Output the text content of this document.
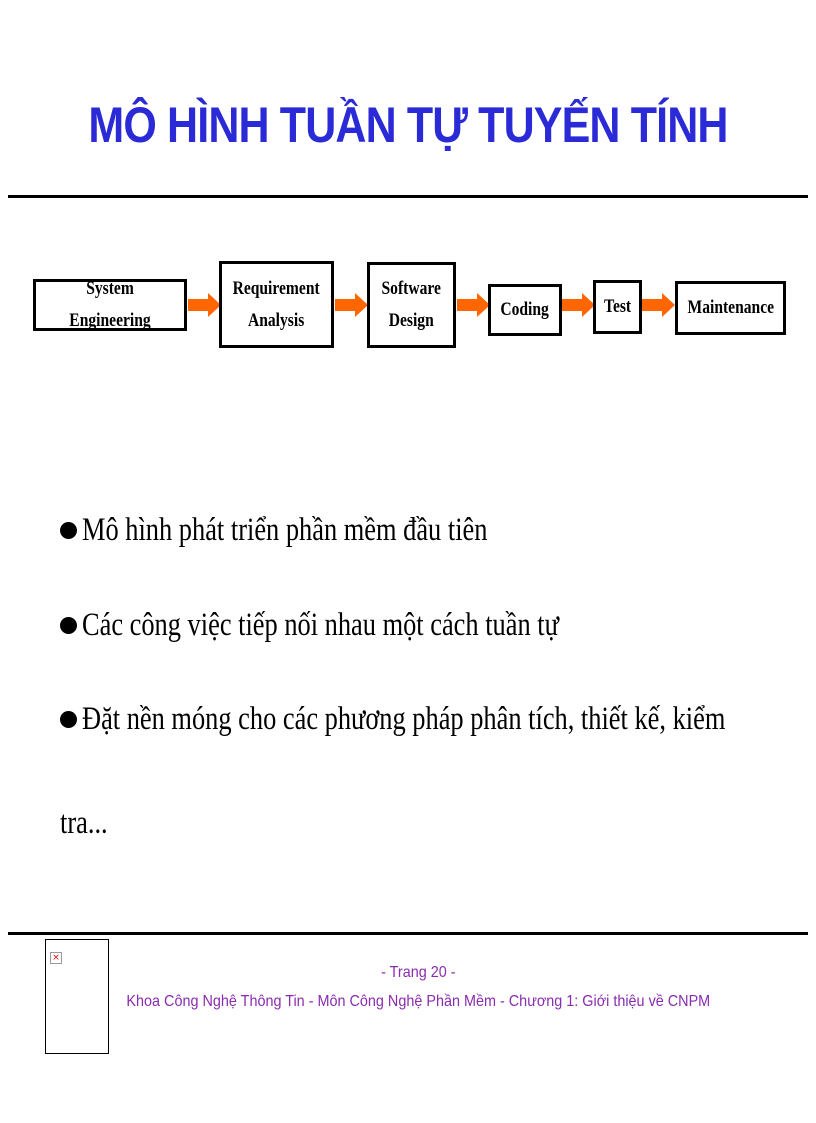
MÔ HÌNH TUẦN TỰ TUYẾN TÍNH
System Engineering
Requirement
Analysis
Software
Design
Coding	Test	Maintenance
Mô hình phát triển phần mềm đầu tiên
Các công việc tiếp nối nhau một cách tuần tự
Đặt nền móng cho các phương pháp phân tích, thiết kế, kiểm
tra...
×
- Trang 20 -
Khoa Công Nghệ Thông Tin - Môn Công Nghệ Phần Mềm - Chương 1: Giới thiệu về CNPM
